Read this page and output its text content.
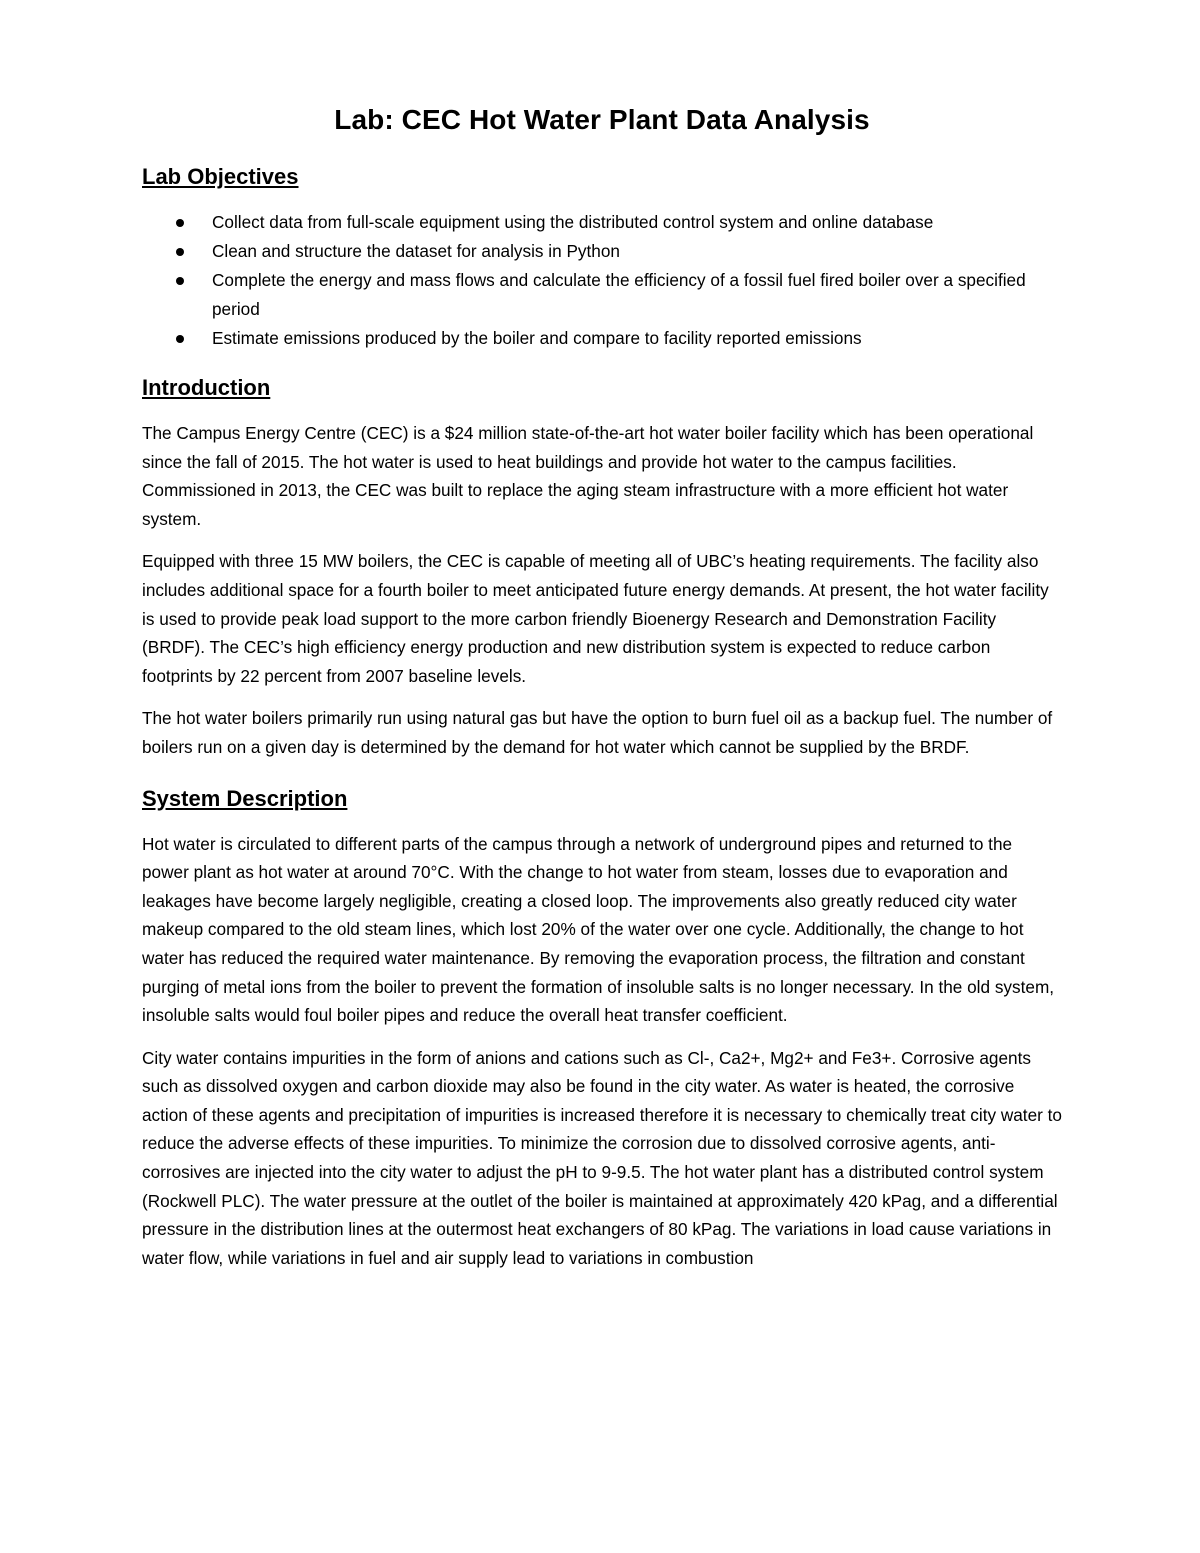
Lab: CEC Hot Water Plant Data Analysis
Lab Objectives
Collect data from full-scale equipment using the distributed control system and online database
Clean and structure the dataset for analysis in Python
Complete the energy and mass flows and calculate the efficiency of a fossil fuel fired boiler over a specified period
Estimate emissions produced by the boiler and compare to facility reported emissions
Introduction

The Campus Energy Centre (CEC) is a $24 million state-of-the-art hot water boiler facility which has been operational since the fall of 2015. The hot water is used to heat buildings and provide hot water to the campus facilities. Commissioned in 2013, the CEC was built to replace the aging steam infrastructure with a more efficient hot water system.

Equipped with three 15 MW boilers, the CEC is capable of meeting all of UBC’s heating requirements. The facility also includes additional space for a fourth boiler to meet anticipated future energy demands. At present, the hot water facility is used to provide peak load support to the more carbon friendly Bioenergy Research and Demonstration Facility (BRDF). The CEC’s high efficiency energy production and new distribution system is expected to reduce carbon footprints by 22 percent from 2007 baseline levels.

The hot water boilers primarily run using natural gas but have the option to burn fuel oil as a backup fuel. The number of boilers run on a given day is determined by the demand for hot water which cannot be supplied by the BRDF.

System Description

Hot water is circulated to different parts of the campus through a network of underground pipes and returned to the power plant as hot water at around 70°C. With the change to hot water from steam, losses due to evaporation and leakages have become largely negligible, creating a closed loop. The improvements also greatly reduced city water makeup compared to the old steam lines, which lost 20% of the water over one cycle. Additionally, the change to hot water has reduced the required water maintenance. By removing the evaporation process, the filtration and constant purging of metal ions from the boiler to prevent the formation of insoluble salts is no longer necessary. In the old system, insoluble salts would foul boiler pipes and reduce the overall heat transfer coefficient.

City water contains impurities in the form of anions and cations such as Cl-, Ca2+, Mg2+ and Fe3+. Corrosive agents such as dissolved oxygen and carbon dioxide may also be found in the city water. As water is heated, the corrosive action of these agents and precipitation of impurities is increased therefore it is necessary to chemically treat city water to reduce the adverse effects of these impurities. To minimize the corrosion due to dissolved corrosive agents, anti-corrosives are injected into the city water to adjust the pH to 9-9.5. The hot water plant has a distributed control system (Rockwell PLC). The water pressure at the outlet of the boiler is maintained at approximately 420 kPag, and a differential pressure in the distribution lines at the outermost heat exchangers of 80 kPag. The variations in load cause variations in water flow, while variations in fuel and air supply lead to variations in combustion
